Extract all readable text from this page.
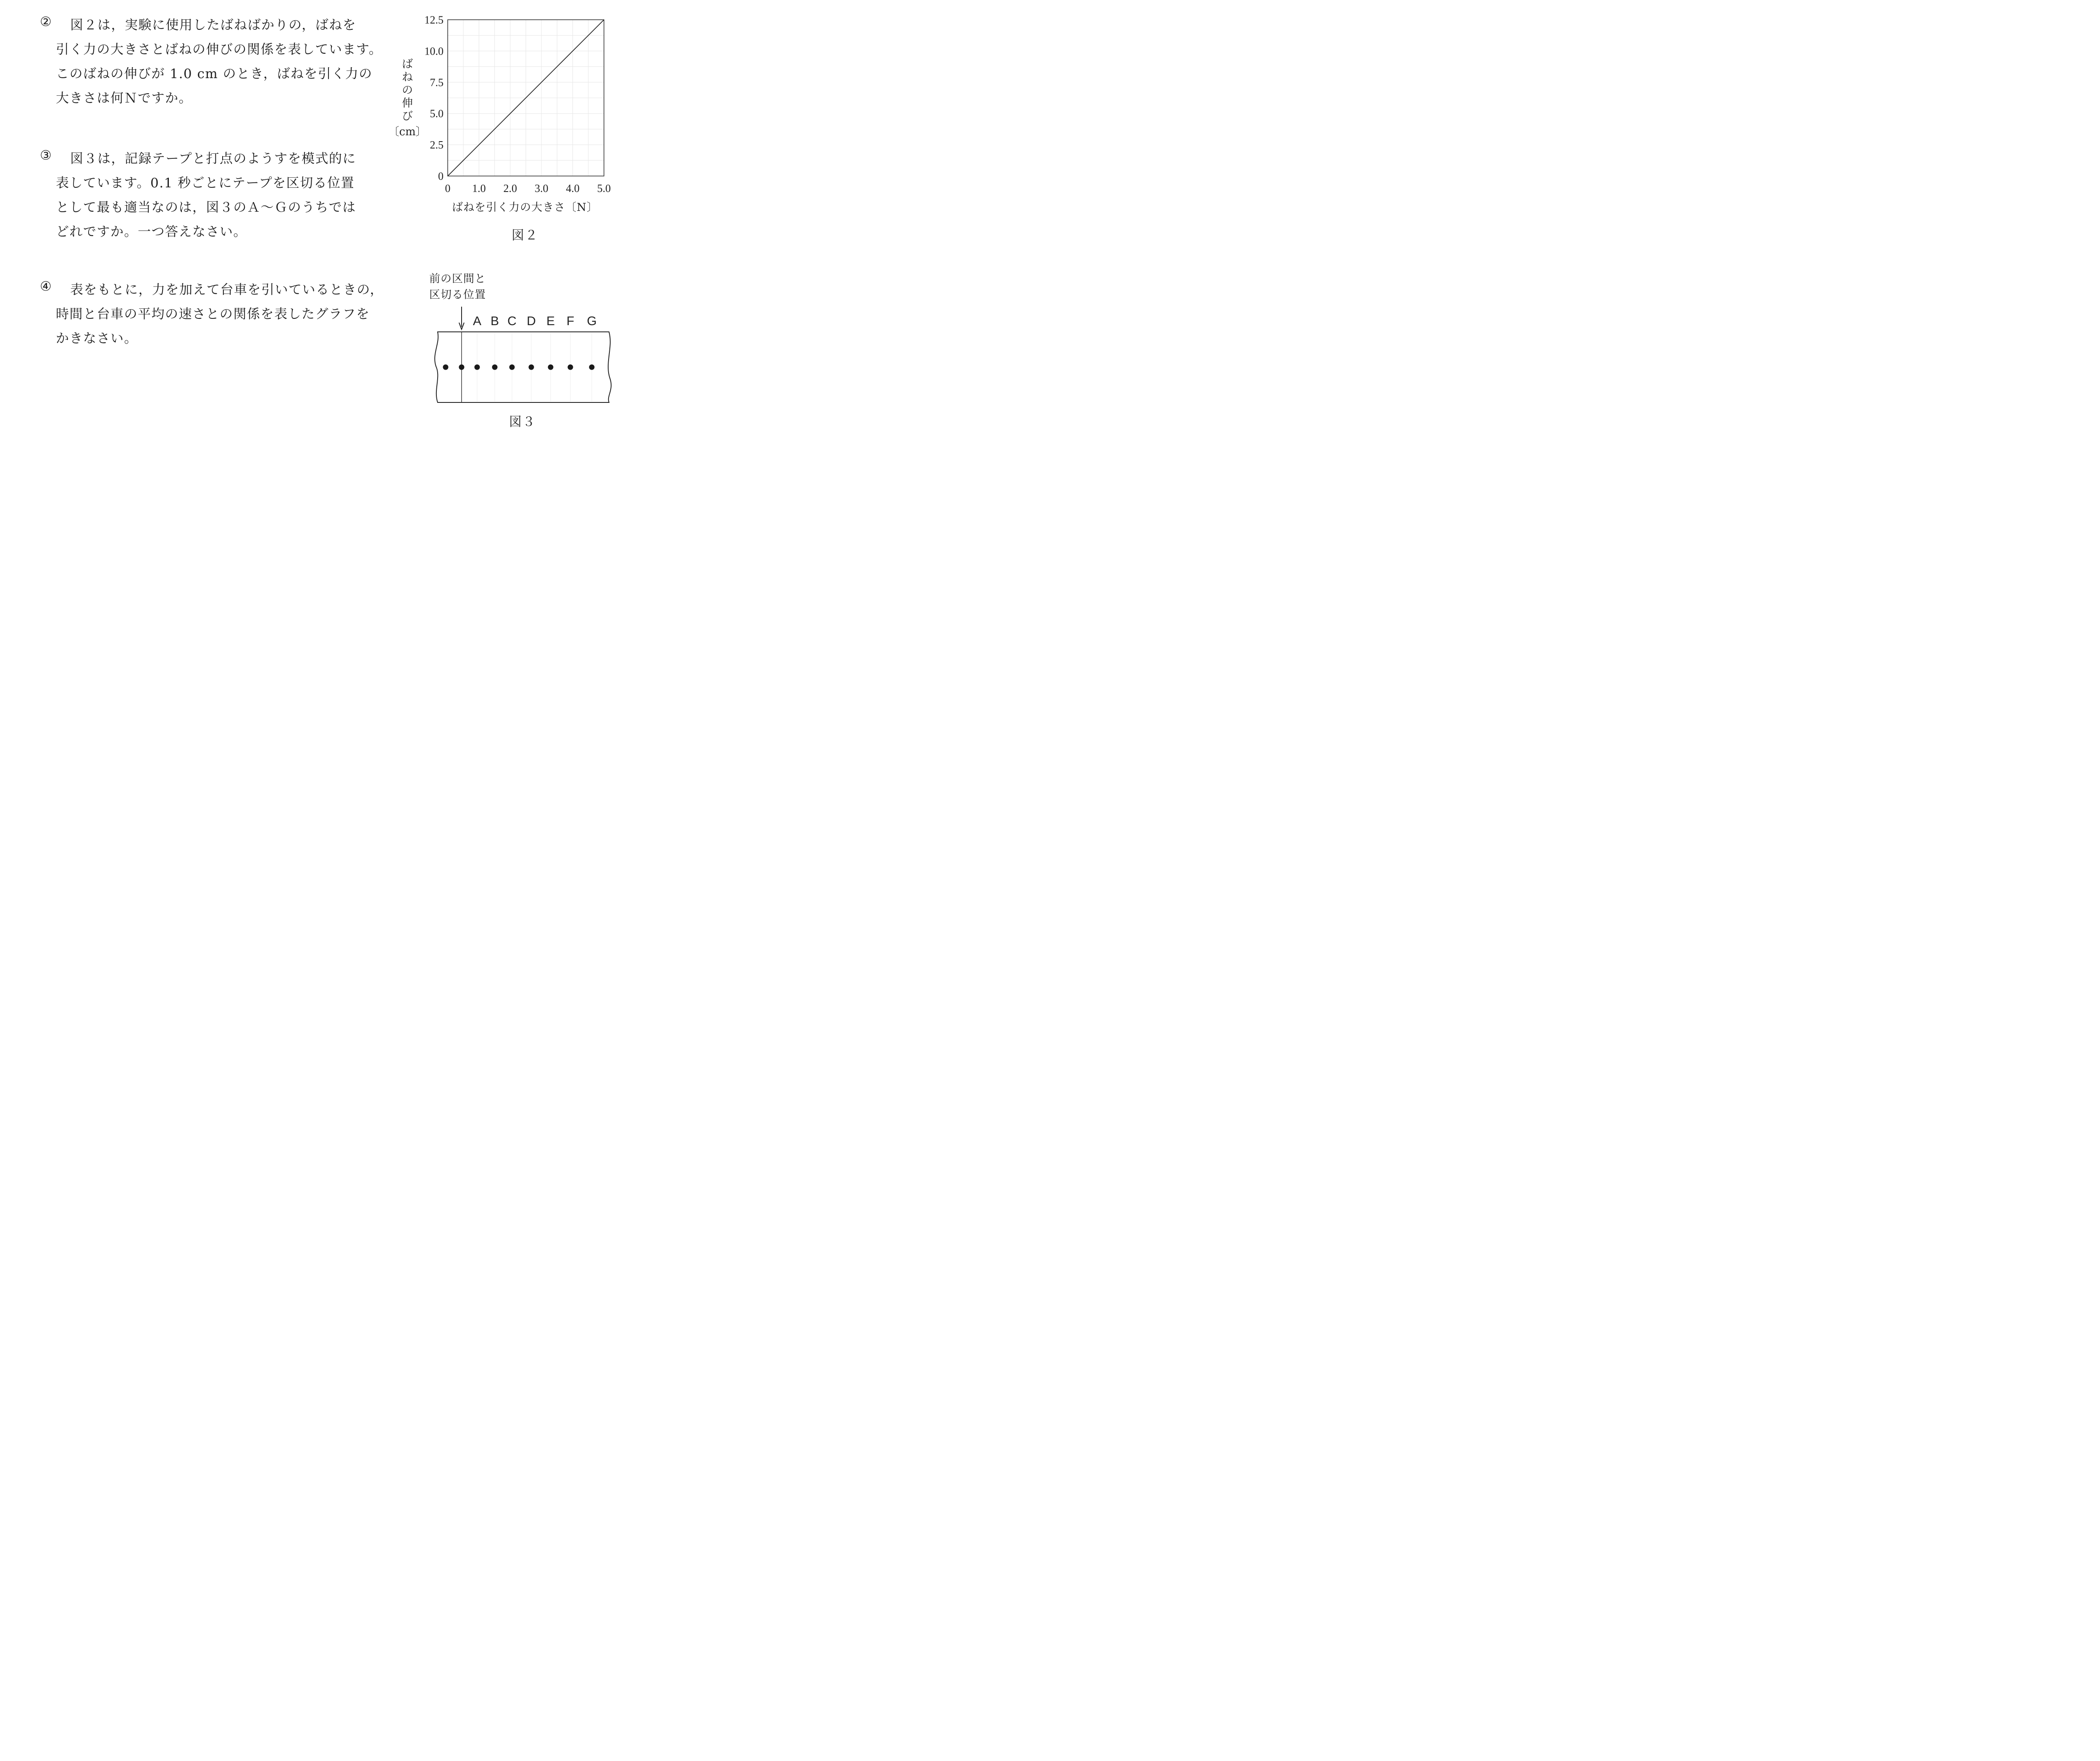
②	図２は，実験に使用したばねばかりの，ばねを
引く力の大きさとばねの伸びの関係を表しています。
このばねの伸びが 1.0 cm のとき，ばねを引く力の
大きさは何Ｎですか。
③	図３は，記録テープと打点のようすを模式的に
表しています。0.1 秒ごとにテープを区切る位置
として最も適当なのは，図３のＡ～Ｇのうちでは
どれですか。一つ答えなさい。
④	表をもとに，力を加えて台車を引いているときの，
時間と台車の平均の速さとの関係を表したグラフを
かきなさい。
0
2.5
5.0
7.5
10.0
12.5
0 1.0 2.0 3.0 4.0 5.0
ば
ね
の
伸
び
〔cm〕
ばねを引く力の大きさ〔N〕
図２
前の区間と
区切る位置
A B C D E F G
図３
